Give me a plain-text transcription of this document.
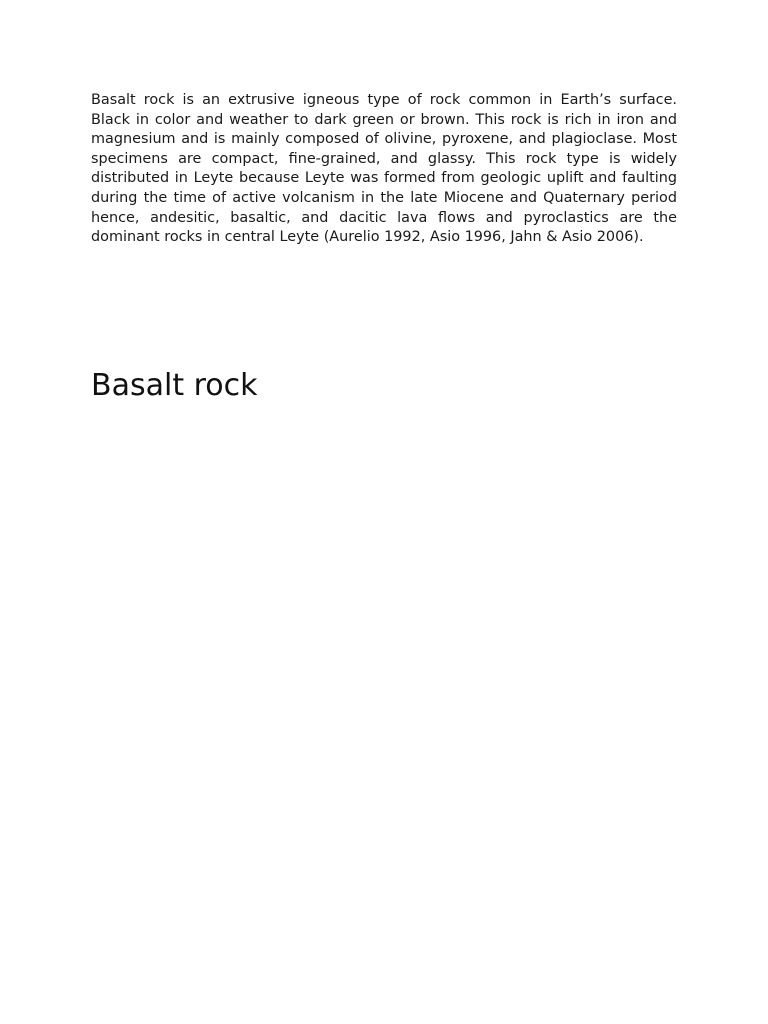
Basalt rock is an extrusive igneous type of rock common in Earth’s surface. Black in color and weather to dark green or brown. This rock is rich in iron and magnesium and is mainly composed of olivine, pyroxene, and plagioclase. Most specimens are compact, fine-grained, and glassy. This rock type is widely distributed in Leyte because Leyte was formed from geologic uplift and faulting during the time of active volcanism in the late Miocene and Quaternary period hence, andesitic, basaltic, and dacitic lava flows and pyroclastics are the dominant rocks in central Leyte (Aurelio 1992, Asio 1996, Jahn & Asio 2006).

Basalt rock
